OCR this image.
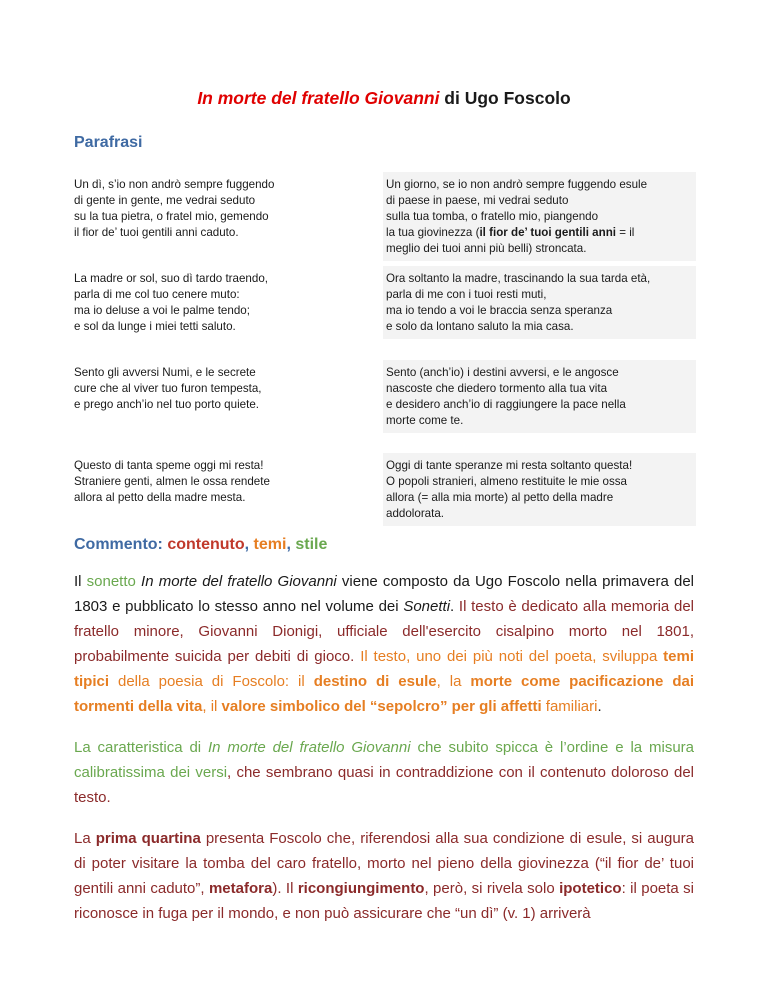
In morte del fratello Giovanni di Ugo Foscolo
Parafrasi
Un dì, s’io non andrò sempre fuggendo
di gente in gente, me vedrai seduto
su la tua pietra, o fratel mio, gemendo
il fior de’ tuoi gentili anni caduto.
Un giorno, se io non andrò sempre fuggendo esule
di paese in paese, mi vedrai seduto
sulla tua tomba, o fratello mio, piangendo
la tua giovinezza (il fior de’ tuoi gentili anni = il
meglio dei tuoi anni più belli) stroncata.
La madre or sol, suo dì tardo traendo,
parla di me col tuo cenere muto:
ma io deluse a voi le palme tendo;
e sol da lunge i miei tetti saluto.
Ora soltanto la madre, trascinando la sua tarda età,
parla di me con i tuoi resti muti,
ma io tendo a voi le braccia senza speranza
e solo da lontano saluto la mia casa.
Sento gli avversi Numi, e le secrete
cure che al viver tuo furon tempesta,
e prego anch’io nel tuo porto quiete.
Sento (anch’io) i destini avversi, e le angosce
nascoste che diedero tormento alla tua vita
e desidero anch’io di raggiungere la pace nella
morte come te.
Questo di tanta speme oggi mi resta!
Straniere genti, almen le ossa rendete
allora al petto della madre mesta.
Oggi di tante speranze mi resta soltanto questa!
O popoli stranieri, almeno restituite le mie ossa
allora (= alla mia morte) al petto della madre
addolorata.
Commento: contenuto, temi, stile

Il sonetto In morte del fratello Giovanni viene composto da Ugo Foscolo nella primavera del 1803 e pubblicato lo stesso anno nel volume dei Sonetti. Il testo è dedicato alla memoria del fratello minore, Giovanni Dionigi, ufficiale dell'esercito cisalpino morto nel 1801, probabilmente suicida per debiti di gioco. Il testo, uno dei più noti del poeta, sviluppa temi tipici della poesia di Foscolo: il destino di esule, la morte come pacificazione dai tormenti della vita, il valore simbolico del “sepolcro” per gli affetti familiari.

La caratteristica di In morte del fratello Giovanni che subito spicca è l’ordine e la misura calibratissima dei versi, che sembrano quasi in contraddizione con il contenuto doloroso del testo.

La prima quartina presenta Foscolo che, riferendosi alla sua condizione di esule, si augura di poter visitare la tomba del caro fratello, morto nel pieno della giovinezza (“il fior de’ tuoi gentili anni caduto”, metafora). Il ricongiungimento, però, si rivela solo ipotetico: il poeta si riconosce in fuga per il mondo, e non può assicurare che “un dì” (v. 1) arriverà
